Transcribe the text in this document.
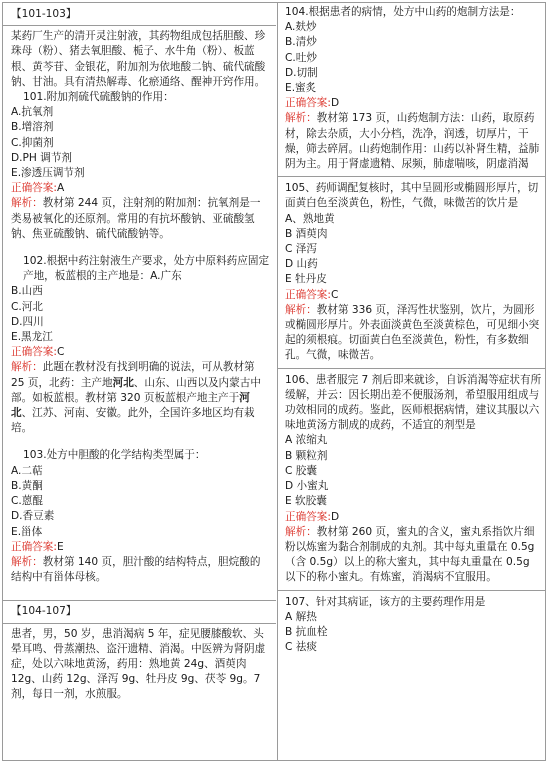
【101-103】

某药厂生产的清开灵注射液，其药物组成包括胆酸、珍珠母（粉）、猪去氧胆酸、栀子、水牛角（粉）、板蓝根、黄芩苷、金银花，附加剂为依地酸二钠、硫代硫酸钠、甘油。具有清热解毒、化瘀通络、醒神开窍作用。

101.附加剂硫代硫酸钠的作用：

A.抗氧剂

B.增溶剂

C.抑菌剂

D.PH 调节剂

E.渗透压调节剂

正确答案:A

解析：教材第 244 页，注射剂的附加剂：抗氧剂是一类易被氧化的还原剂。常用的有抗坏酸钠、亚硫酸氢钠、焦亚硫酸钠、硫代硫酸钠等。

102.根据中药注射液生产要求，处方中原料药应固定产地，板蓝根的主产地是：A.广东

B.山西

C.河北

D.四川

E.黑龙江

正确答案:C

解析：此题在教材没有找到明确的说法，可从教材第 25 页，北药：主产地河北、山东、山西以及内蒙古中部。如板蓝根。教材第 320 页板蓝根产地主产于河北、江苏、河南、安徽。此外，全国许多地区均有栽培。

103.处方中胆酸的化学结构类型属于：

A.二萜

B.黄酮

C.蒽醌

D.香豆素

E.甾体

正确答案:E

解析：教材第 140 页，胆汁酸的结构特点，胆烷酸的结构中有甾体母核。

【104-107】

患者，男，50 岁，患消渴病 5 年，症见腰膝酸软、头晕耳鸣、骨蒸潮热、盗汗遗精、消渴。中医辨为肾阴虚症，处以六味地黄汤，药用：熟地黄 24g、酒萸肉 12g、山药 12g、泽泻 9g、牡丹皮 9g、茯苓 9g。7 剂，每日一剂，水煎服。

104.根据患者的病情，处方中山药的炮制方法是：

A.麸炒

B.清炒

C.吐炒

D.切制

E.蜜炙

正确答案:D

解析：教材第 173 页，山药炮制方法：山药，取原药材，除去杂质，大小分档，洗净，润透，切厚片，干燥，筛去碎屑。山药炮制作用：山药以补肾生精，益肺阴为主。用于肾虚遗精、尿频，肺虚喘咳，阴虚消渴

105、药师调配复核时，其中呈圆形或椭圆形厚片，切面黄白色至淡黄色，粉性，气微，味微苦的饮片是

A、熟地黄

B 酒萸肉

C 泽泻

D 山药

E 牡丹皮

正确答案:C

解析：教材第 336 页，泽泻性状鉴别，饮片，为圆形或椭圆形厚片。外表面淡黄色至淡黄棕色，可见细小突起的须根痕。切面黄白色至淡黄色，粉性，有多数细孔。气微，味微苦。

106、患者服完 7 剂后即来就诊，自诉消渴等症状有所缓解，并云：因长期出差不便服汤剂，希望服用组成与功效相同的成药。鉴此，医师根据病情，建议其服以六味地黄汤方制成的成药，不适宜的剂型是

A 浓缩丸

B 颗粒剂

C 胶囊

D 小蜜丸

E 软胶囊

正确答案:D

解析：教材第 260 页，蜜丸的含义，蜜丸系指饮片细粉以炼蜜为黏合剂制成的丸剂。其中每丸重量在 0.5g（含 0.5g）以上的称大蜜丸，其中每丸重量在 0.5g 以下的称小蜜丸。有炼蜜，消渴病不宜服用。

107、针对其病证，该方的主要药理作用是

A 解热

B 抗血栓

C 祛痰
